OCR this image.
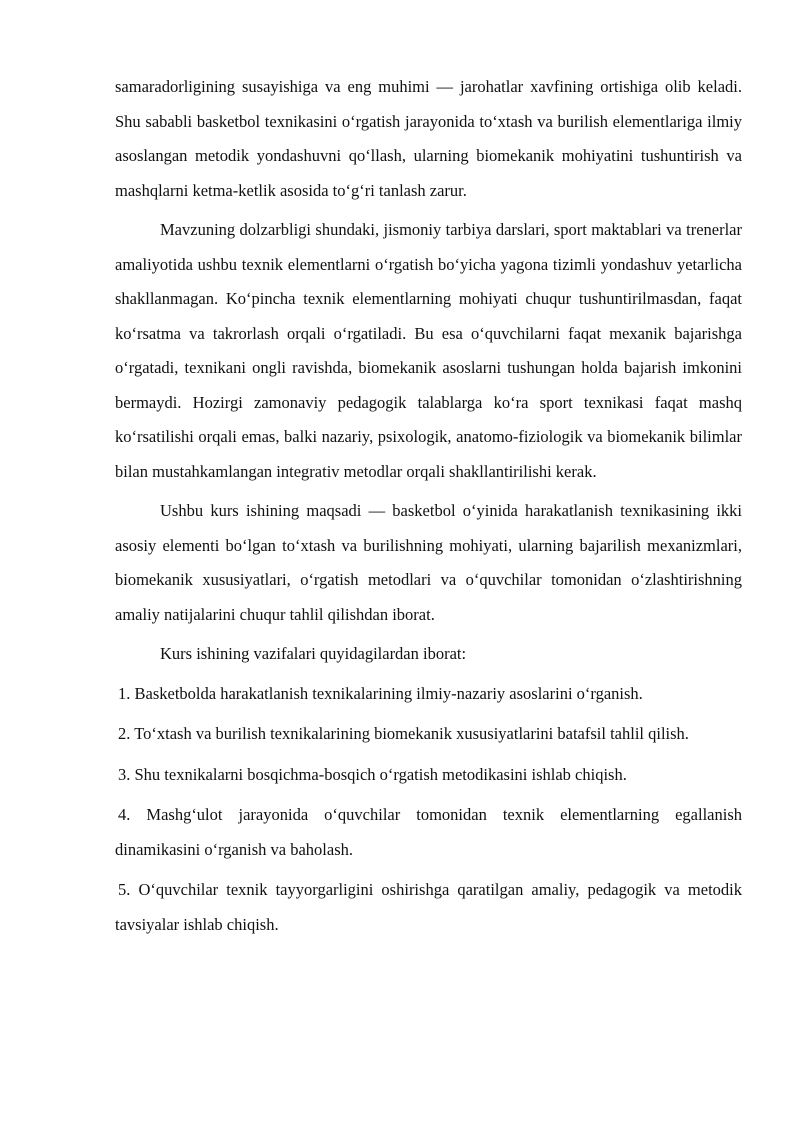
samaradorligining susayishiga va eng muhimi — jarohatlar xavfining ortishiga olib keladi. Shu sababli basketbol texnikasini o‘rgatish jarayonida to‘xtash va burilish elementlariga ilmiy asoslangan metodik yondashuvni qo‘llash, ularning biomekanik mohiyatini tushuntirish va mashqlarni ketma-ketlik asosida to‘g‘ri tanlash zarur.

Mavzuning dolzarbligi shundaki, jismoniy tarbiya darslari, sport maktablari va trenerlar amaliyotida ushbu texnik elementlarni o‘rgatish bo‘yicha yagona tizimli yondashuv yetarlicha shakllanmagan. Ko‘pincha texnik elementlarning mohiyati chuqur tushuntirilmasdan, faqat ko‘rsatma va takrorlash orqali o‘rgatiladi. Bu esa o‘quvchilarni faqat mexanik bajarishga o‘rgatadi, texnikani ongli ravishda, biomekanik asoslarni tushungan holda bajarish imkonini bermaydi. Hozirgi zamonaviy pedagogik talablarga ko‘ra sport texnikasi faqat mashq ko‘rsatilishi orqali emas, balki nazariy, psixologik, anatomo-fiziologik va biomekanik bilimlar bilan mustahkamlangan integrativ metodlar orqali shakllantirilishi kerak.

Ushbu kurs ishining maqsadi — basketbol o‘yinida harakatlanish texnikasining ikki asosiy elementi bo‘lgan to‘xtash va burilishning mohiyati, ularning bajarilish mexanizmlari, biomekanik xususiyatlari, o‘rgatish metodlari va o‘quvchilar tomonidan o‘zlashtirishning amaliy natijalarini chuqur tahlil qilishdan iborat.

Kurs ishining vazifalari quyidagilardan iborat:

1. Basketbolda harakatlanish texnikalarining ilmiy-nazariy asoslarini o‘rganish.

2. To‘xtash va burilish texnikalarining biomekanik xususiyatlarini batafsil tahlil qilish.

3. Shu texnikalarni bosqichma-bosqich o‘rgatish metodikasini ishlab chiqish.

4. Mashg‘ulot jarayonida o‘quvchilar tomonidan texnik elementlarning egallanish dinamikasini o‘rganish va baholash.

5. O‘quvchilar texnik tayyorgarligini oshirishga qaratilgan amaliy, pedagogik va metodik tavsiyalar ishlab chiqish.
